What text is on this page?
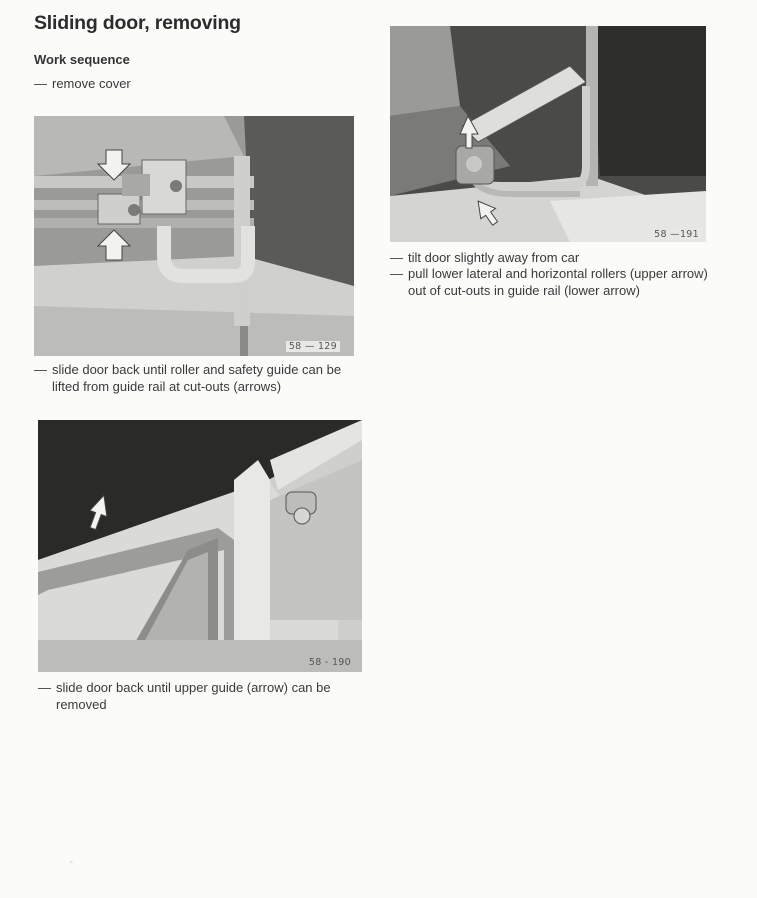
Sliding door, removing
Work sequence
— remove cover
58 — 129
— slide door back until roller and safety guide can be lifted from guide rail at cut-outs (arrows)
58 - 190
— slide door back until upper guide (arrow) can be removed
58 —191
— tilt door slightly away from car
— pull lower lateral and horizontal rollers (upper arrow) out of cut-outs in guide rail (lower arrow)
’’
